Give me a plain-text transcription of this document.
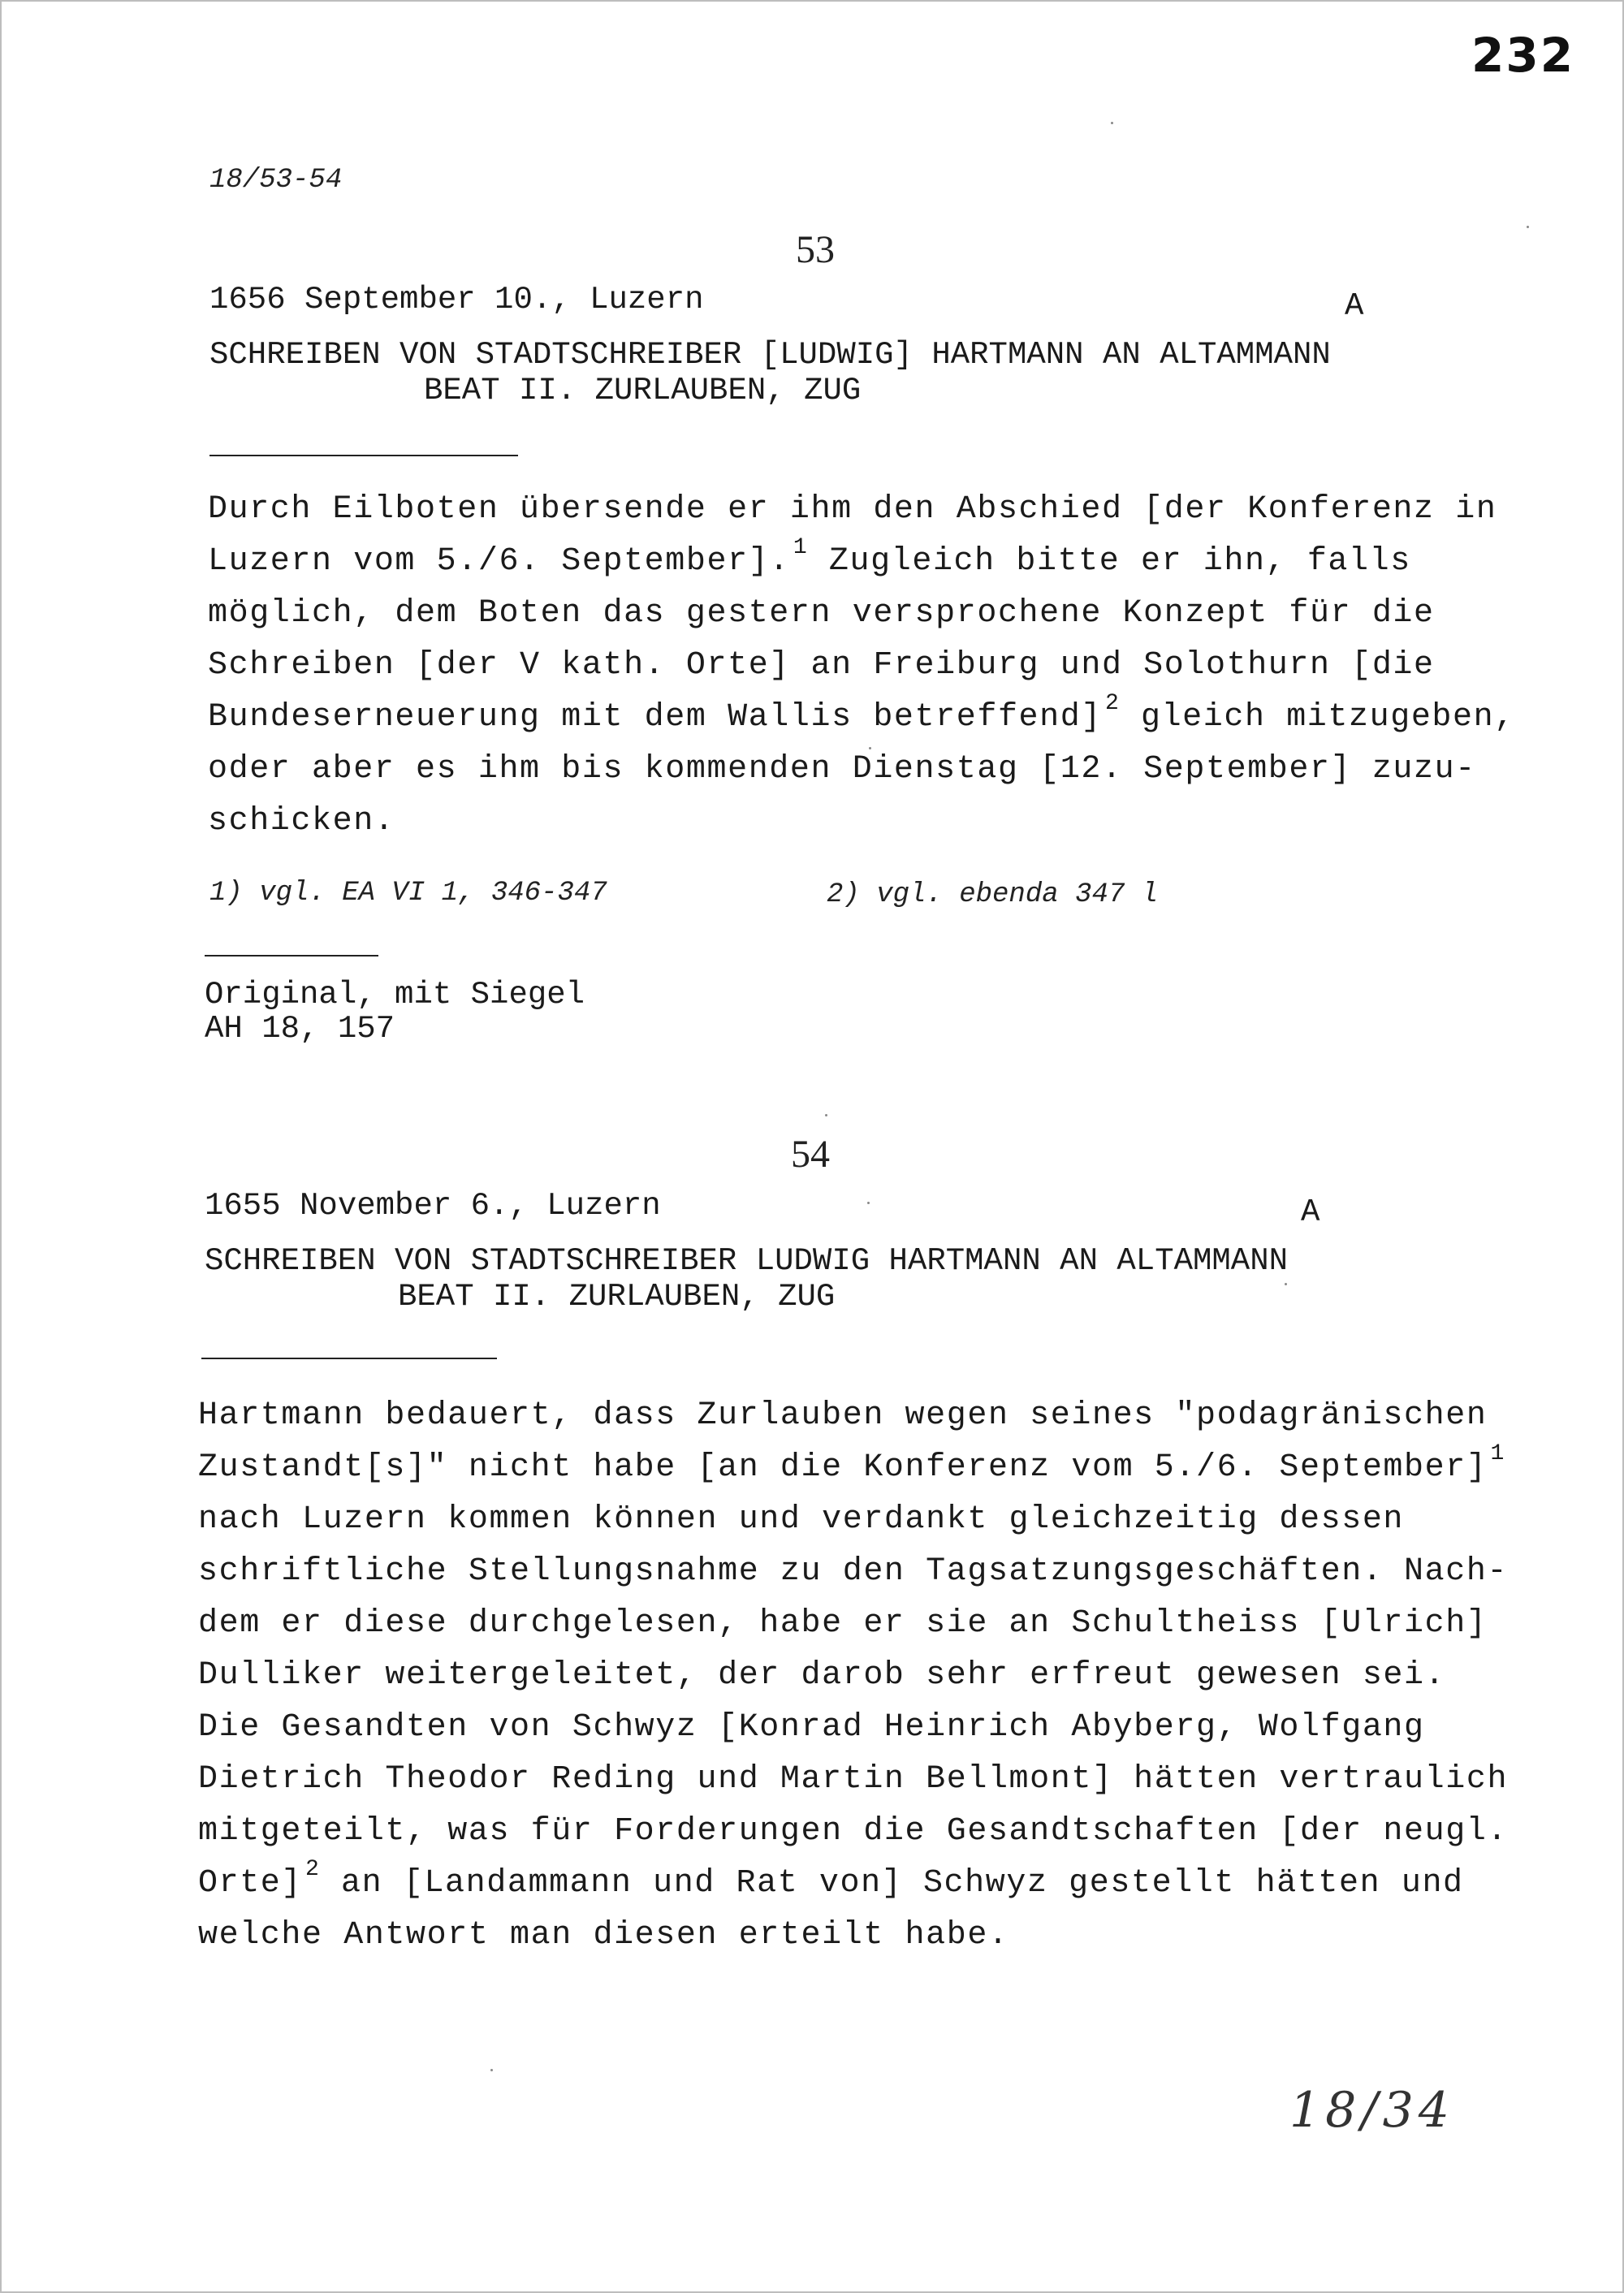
232
18/53-54
53
1656 September 10., Luzern	A
SCHREIBEN VON STADTSCHREIBER [LUDWIG] HARTMANN AN ALTAMMANN
BEAT II. ZURLAUBEN, ZUG

Durch Eilboten übersende er ihm den Abschied [der Konferenz in

Luzern vom 5./6. September]. $^1$ Zugleich bitte er ihn, falls

möglich, dem Boten das gestern versprochene Konzept für die

Schreiben [der V kath. Orte] an Freiburg und Solothurn [die

Bundeserneuerung mit dem Wallis betreffend] $^2$ gleich mitzugeben,

oder aber es ihm bis kommenden Dienstag [12. September] zuzu-

schicken.

1) vgl. EA VI 1, 346-347	2) vgl. ebenda 347 l
Original, mit Siegel
AH 18, 157
54
1655 November 6., Luzern	A
SCHREIBEN VON STADTSCHREIBER LUDWIG HARTMANN AN ALTAMMANN
BEAT II. ZURLAUBEN, ZUG

Hartmann bedauert, dass Zurlauben wegen seines "podagränischen

Zustandt[s]" nicht habe [an die Konferenz vom 5./6. September] $^1$

nach Luzern kommen können und verdankt gleichzeitig dessen

schriftliche Stellungsnahme zu den Tagsatzungsgeschäften. Nach-

dem er diese durchgelesen, habe er sie an Schultheiss [Ulrich]

Dulliker weitergeleitet, der darob sehr erfreut gewesen sei.

Die Gesandten von Schwyz [Konrad Heinrich Abyberg, Wolfgang

Dietrich Theodor Reding und Martin Bellmont] hätten vertraulich

mitgeteilt, was für Forderungen die Gesandtschaften [der neugl.

Orte] $^2$ an [Landammann und Rat von] Schwyz gestellt hätten und

welche Antwort man diesen erteilt habe.

18/34
